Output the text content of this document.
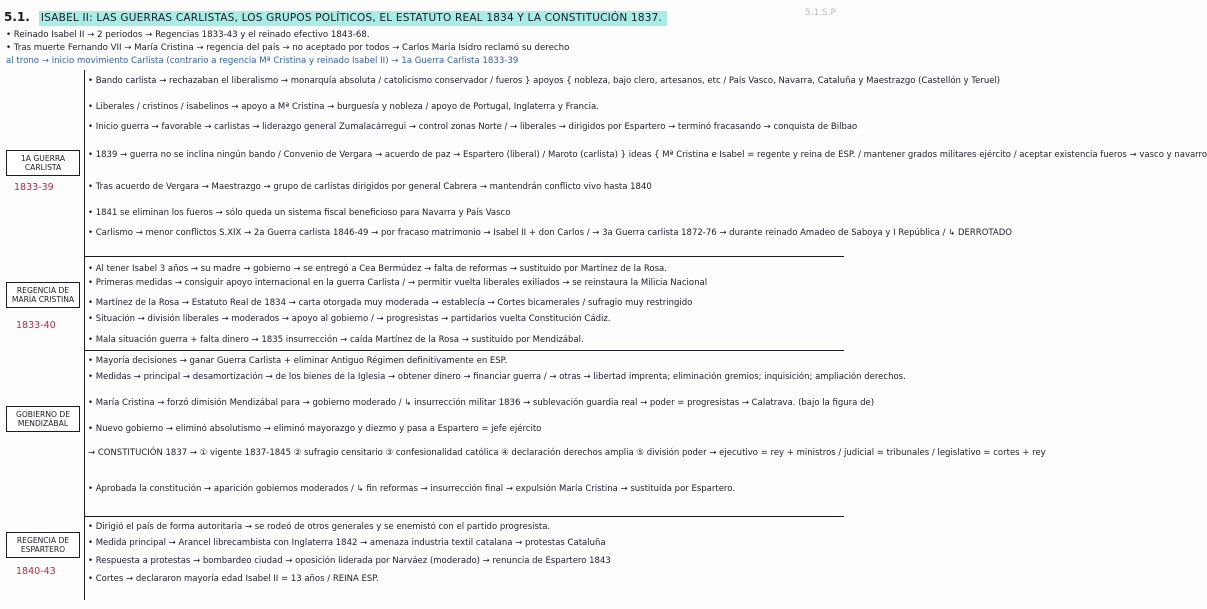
5.1. ISABEL II: LAS GUERRAS CARLISTAS, LOS GRUPOS POLÍTICOS, EL ESTATUTO REAL 1834 Y LA CONSTITUCIÓN 1837.	5.1.S.P
• Reinado Isabel II → 2 periodos → Regencias 1833-43 y el reinado efectivo 1843-68.
• Tras muerte Fernando VII → María Cristina → regencia del país → no aceptado por todos → Carlos María Isidro reclamó su derecho
al trono → inicio movimiento Carlista (contrario a regencia Mª Cristina y reinado Isabel II) → 1a Guerra Carlista 1833-39
1A GUERRA CARLISTA
1833-39
• Bando carlista → rechazaban el liberalismo → monarquía absoluta / catolicismo conservador / fueros } apoyos { nobleza, bajo clero, artesanos, etc / País Vasco, Navarra, Cataluña y Maestrazgo (Castellón y Teruel)
• Liberales / cristinos / isabelinos → apoyo a Mª Cristina → burguesía y nobleza / apoyo de Portugal, Inglaterra y Francia.
• Inicio guerra → favorable → carlistas → liderazgo general Zumalacárregui → control zonas Norte / → liberales → dirigidos por Espartero → terminó fracasando → conquista de Bilbao
• 1839 → guerra no se inclina ningún bando / Convenio de Vergara → acuerdo de paz → Espartero (liberal) / Maroto (carlista) } ideas { Mª Cristina e Isabel = regente y reina de ESP. / mantener grados militares ejército / aceptar existencia fueros → vasco y navarro
• Tras acuerdo de Vergara → Maestrazgo → grupo de carlistas dirigidos por general Cabrera → mantendrán conflicto vivo hasta 1840
• 1841 se eliminan los fueros → sólo queda un sistema fiscal beneficioso para Navarra y País Vasco
• Carlismo → menor conflictos S.XIX → 2a Guerra carlista 1846-49 → por fracaso matrimonio → Isabel II + don Carlos / → 3a Guerra carlista 1872-76 → durante reinado Amadeo de Saboya y I República / ↳ DERROTADO
REGENCIA DE MARÍA CRISTINA
1833-40
• Al tener Isabel 3 años → su madre → gobierno → se entregó a Cea Bermúdez → falta de reformas → sustituido por Martínez de la Rosa.
• Primeras medidas → consiguir apoyo internacional en la guerra Carlista / → permitir vuelta liberales exiliados → se reinstaura la Milicia Nacional
• Martínez de la Rosa → Estatuto Real de 1834 → carta otorgada muy moderada → establecía → Cortes bicamerales / sufragio muy restringido
• Situación → división liberales → moderados → apoyo al gobierno / → progresistas → partidarios vuelta Constitución Cádiz.
• Mala situación guerra + falta dinero → 1835 insurrección → caída Martínez de la Rosa → sustituido por Mendizábal.
GOBIERNO DE MENDIZÁBAL
• Mayoría decisiones → ganar Guerra Carlista + eliminar Antiguo Régimen definitivamente en ESP.
• Medidas → principal → desamortización → de los bienes de la Iglesia → obtener dinero → financiar guerra / → otras → libertad imprenta; eliminación gremios; inquisición; ampliación derechos.
• María Cristina → forzó dimisión Mendizábal para → gobierno moderado / ↳ insurrección militar 1836 → sublevación guardia real → poder = progresistas → Calatrava. (bajo la figura de)
• Nuevo gobierno → eliminó absolutismo → eliminó mayorazgo y diezmo y pasa a Espartero = jefe ejército
→ CONSTITUCIÓN 1837 → ① vigente 1837-1845 ② sufragio censitario ③ confesionalidad católica ④ declaración derechos amplia ⑤ división poder → ejecutivo = rey + ministros / judicial = tribunales / legislativo = cortes + rey
• Aprobada la constitución → aparición gobiernos moderados / ↳ fin reformas → insurrección final → expulsión María Cristina → sustituida por Espartero.
REGENCIA DE ESPARTERO
1840-43
• Dirigió el país de forma autoritaria → se rodeó de otros generales y se enemistó con el partido progresista.
• Medida principal → Arancel librecambista con Inglaterra 1842 → amenaza industria textil catalana → protestas Cataluña
• Respuesta a protestas → bombardeo ciudad → oposición liderada por Narváez (moderado) → renuncia de Espartero 1843
• Cortes → declararon mayoría edad Isabel II = 13 años / REINA ESP.
